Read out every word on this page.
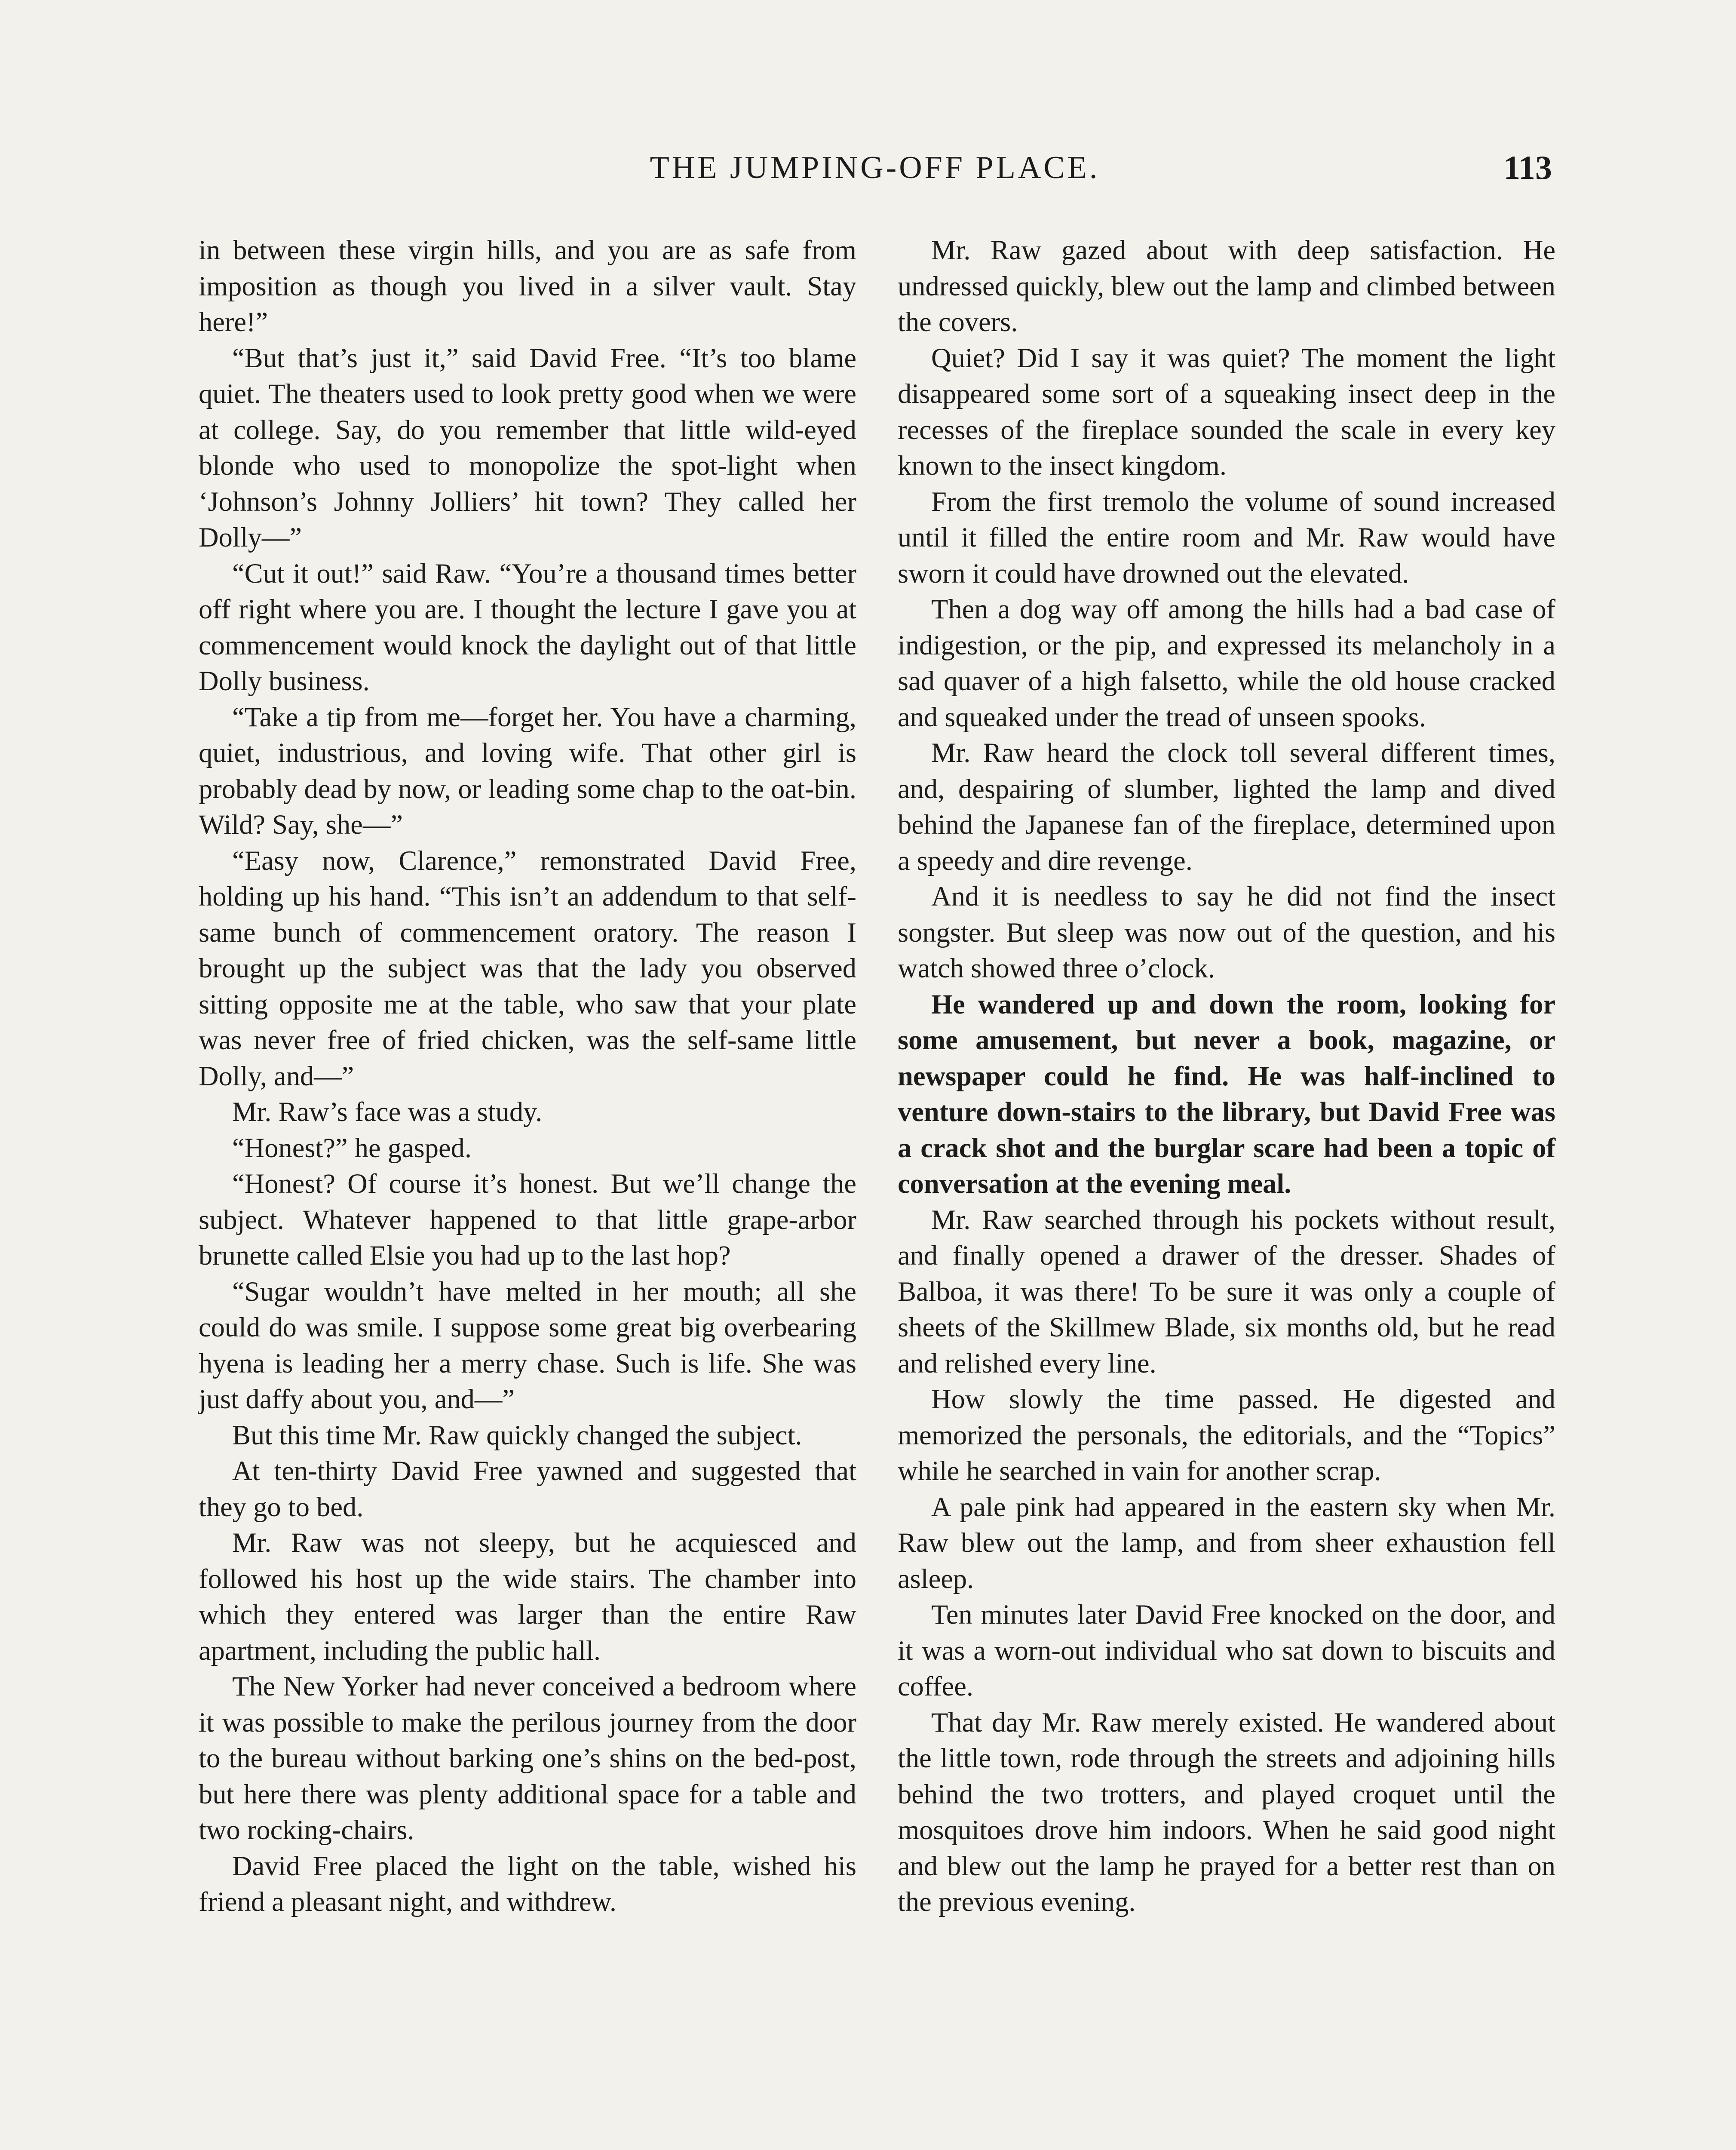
THE JUMPING-OFF PLACE.	113

in between these virgin hills, and you are as safe from imposition as though you lived in a silver vault. Stay here!”

“But that’s just it,” said David Free. “It’s too blame quiet. The theaters used to look pretty good when we were at college. Say, do you remember that little wild-eyed blonde who used to monopolize the spot-light when ‘Johnson’s Johnny Jolliers’ hit town? They called her Dolly—”

“Cut it out!” said Raw. “You’re a thousand times better off right where you are. I thought the lecture I gave you at commencement would knock the daylight out of that little Dolly business.

“Take a tip from me—forget her. You have a charming, quiet, industrious, and loving wife. That other girl is probably dead by now, or leading some chap to the oat-bin. Wild? Say, she—”

“Easy now, Clarence,” remonstrated David Free, holding up his hand. “This isn’t an addendum to that self-same bunch of commencement oratory. The reason I brought up the subject was that the lady you observed sitting opposite me at the table, who saw that your plate was never free of fried chicken, was the self-same little Dolly, and—”

Mr. Raw’s face was a study.

“Honest?” he gasped.

“Honest? Of course it’s honest. But we’ll change the subject. Whatever happened to that little grape-arbor brunette called Elsie you had up to the last hop?

“Sugar wouldn’t have melted in her mouth; all she could do was smile. I suppose some great big overbearing hyena is leading her a merry chase. Such is life. She was just daffy about you, and—”

But this time Mr. Raw quickly changed the subject.

At ten-thirty David Free yawned and suggested that they go to bed.

Mr. Raw was not sleepy, but he acquiesced and followed his host up the wide stairs. The chamber into which they entered was larger than the entire Raw apartment, including the public hall.

The New Yorker had never conceived a bedroom where it was possible to make the perilous journey from the door to the bureau without barking one’s shins on the bed-post, but here there was plenty additional space for a table and two rocking-chairs.

David Free placed the light on the table, wished his friend a pleasant night, and withdrew.

Mr. Raw gazed about with deep satisfaction. He undressed quickly, blew out the lamp and climbed between the covers.

Quiet? Did I say it was quiet? The moment the light disappeared some sort of a squeaking insect deep in the recesses of the fireplace sounded the scale in every key known to the insect kingdom.

From the first tremolo the volume of sound increased until it filled the entire room and Mr. Raw would have sworn it could have drowned out the elevated.

Then a dog way off among the hills had a bad case of indigestion, or the pip, and expressed its melancholy in a sad quaver of a high falsetto, while the old house cracked and squeaked under the tread of unseen spooks.

Mr. Raw heard the clock toll several different times, and, despairing of slumber, lighted the lamp and dived behind the Japanese fan of the fireplace, determined upon a speedy and dire revenge.

And it is needless to say he did not find the insect songster. But sleep was now out of the question, and his watch showed three o’clock.

He wandered up and down the room, looking for some amusement, but never a book, magazine, or newspaper could he find. He was half-inclined to venture down-stairs to the library, but David Free was a crack shot and the burglar scare had been a topic of conversation at the evening meal.

Mr. Raw searched through his pockets without result, and finally opened a drawer of the dresser. Shades of Balboa, it was there! To be sure it was only a couple of sheets of the Skillmew Blade, six months old, but he read and relished every line.

How slowly the time passed. He digested and memorized the personals, the editorials, and the “Topics” while he searched in vain for another scrap.

A pale pink had appeared in the eastern sky when Mr. Raw blew out the lamp, and from sheer exhaustion fell asleep.

Ten minutes later David Free knocked on the door, and it was a worn-out individual who sat down to biscuits and coffee.

That day Mr. Raw merely existed. He wandered about the little town, rode through the streets and adjoining hills behind the two trotters, and played croquet until the mosquitoes drove him indoors. When he said good night and blew out the lamp he prayed for a better rest than on the previous evening.
